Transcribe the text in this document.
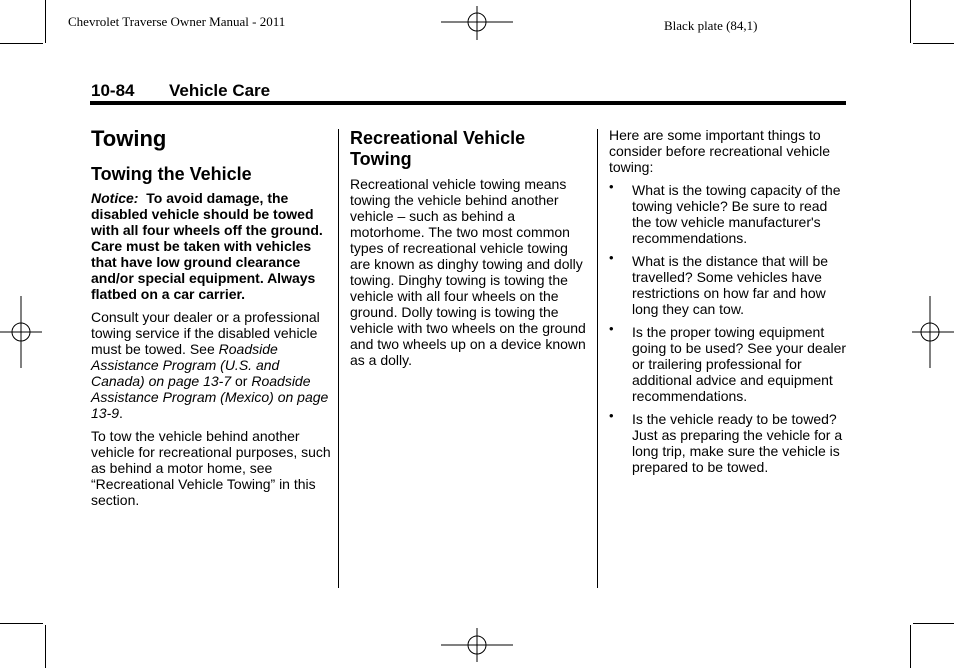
Chevrolet Traverse Owner Manual - 2011	Black plate (84,1)
10-84 Vehicle Care
Towing
Towing the Vehicle

Notice: To avoid damage, the disabled vehicle should be towed with all four wheels off the ground. Care must be taken with vehicles that have low ground clearance and/or special equipment. Always flatbed on a car carrier.

Consult your dealer or a professional towing service if the disabled vehicle must be towed. See Roadside Assistance Program (U.S. and Canada) on page 13-7 or Roadside Assistance Program (Mexico) on page 13-9.

To tow the vehicle behind another vehicle for recreational purposes, such as behind a motor home, see “Recreational Vehicle Towing” in this section.

Recreational Vehicle Towing

Recreational vehicle towing means towing the vehicle behind another vehicle – such as behind a motorhome. The two most common types of recreational vehicle towing are known as dinghy towing and dolly towing. Dinghy towing is towing the vehicle with all four wheels on the ground. Dolly towing is towing the vehicle with two wheels on the ground and two wheels up on a device known as a dolly.

Here are some important things to consider before recreational vehicle towing:

• What is the towing capacity of the towing vehicle? Be sure to read the tow vehicle manufacturer's recommendations.
• What is the distance that will be travelled? Some vehicles have restrictions on how far and how long they can tow.
• Is the proper towing equipment going to be used? See your dealer or trailering professional for additional advice and equipment recommendations.
• Is the vehicle ready to be towed? Just as preparing the vehicle for a long trip, make sure the vehicle is prepared to be towed.
